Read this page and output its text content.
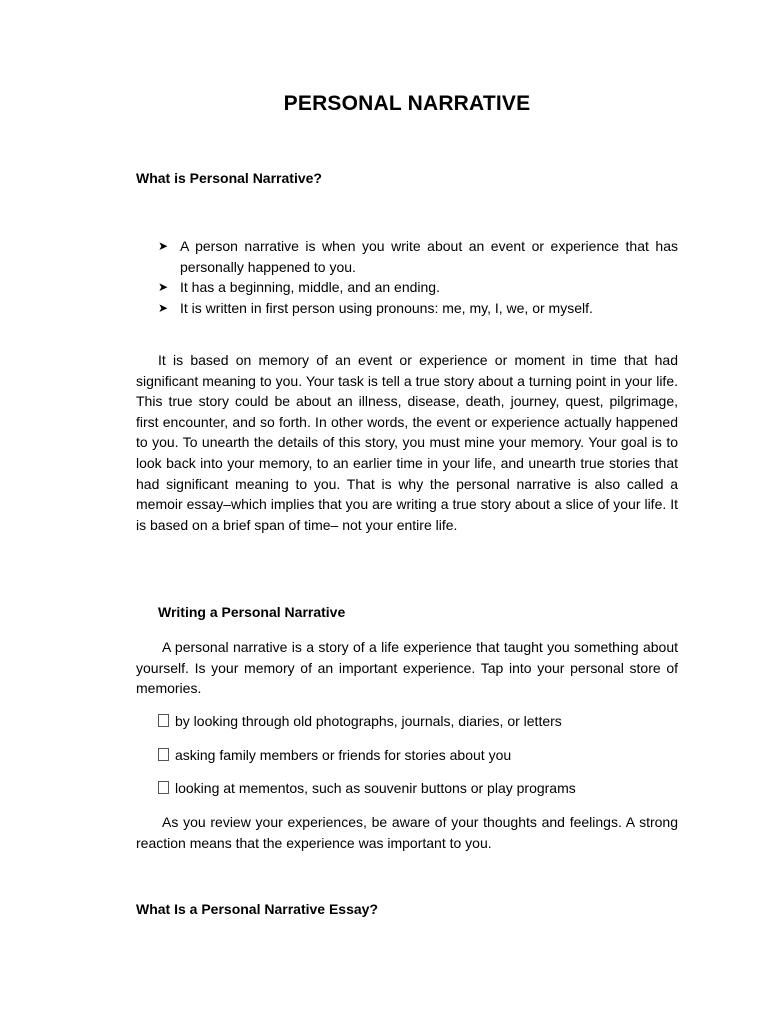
PERSONAL NARRATIVE
What is Personal Narrative?
➤ A person narrative is when you write about an event or experience that has personally happened to you.
➤ It has a beginning, middle, and an ending.
➤ It is written in first person using pronouns: me, my, I, we, or myself.

It is based on memory of an event or experience or moment in time that had significant meaning to you. Your task is tell a true story about a turning point in your life. This true story could be about an illness, disease, death, journey, quest, pilgrimage, first encounter, and so forth. In other words, the event or experience actually happened to you. To unearth the details of this story, you must mine your memory. Your goal is to look back into your memory, to an earlier time in your life, and unearth true stories that had significant meaning to you. That is why the personal narrative is also called a memoir essay–which implies that you are writing a true story about a slice of your life. It is based on a brief span of time– not your entire life.

Writing a Personal Narrative

A personal narrative is a story of a life experience that taught you something about yourself. Is your memory of an important experience. Tap into your personal store of memories.

by looking through old photographs, journals, diaries, or letters
asking family members or friends for stories about you
looking at mementos, such as souvenir buttons or play programs

As you review your experiences, be aware of your thoughts and feelings. A strong reaction means that the experience was important to you.

What Is a Personal Narrative Essay?
